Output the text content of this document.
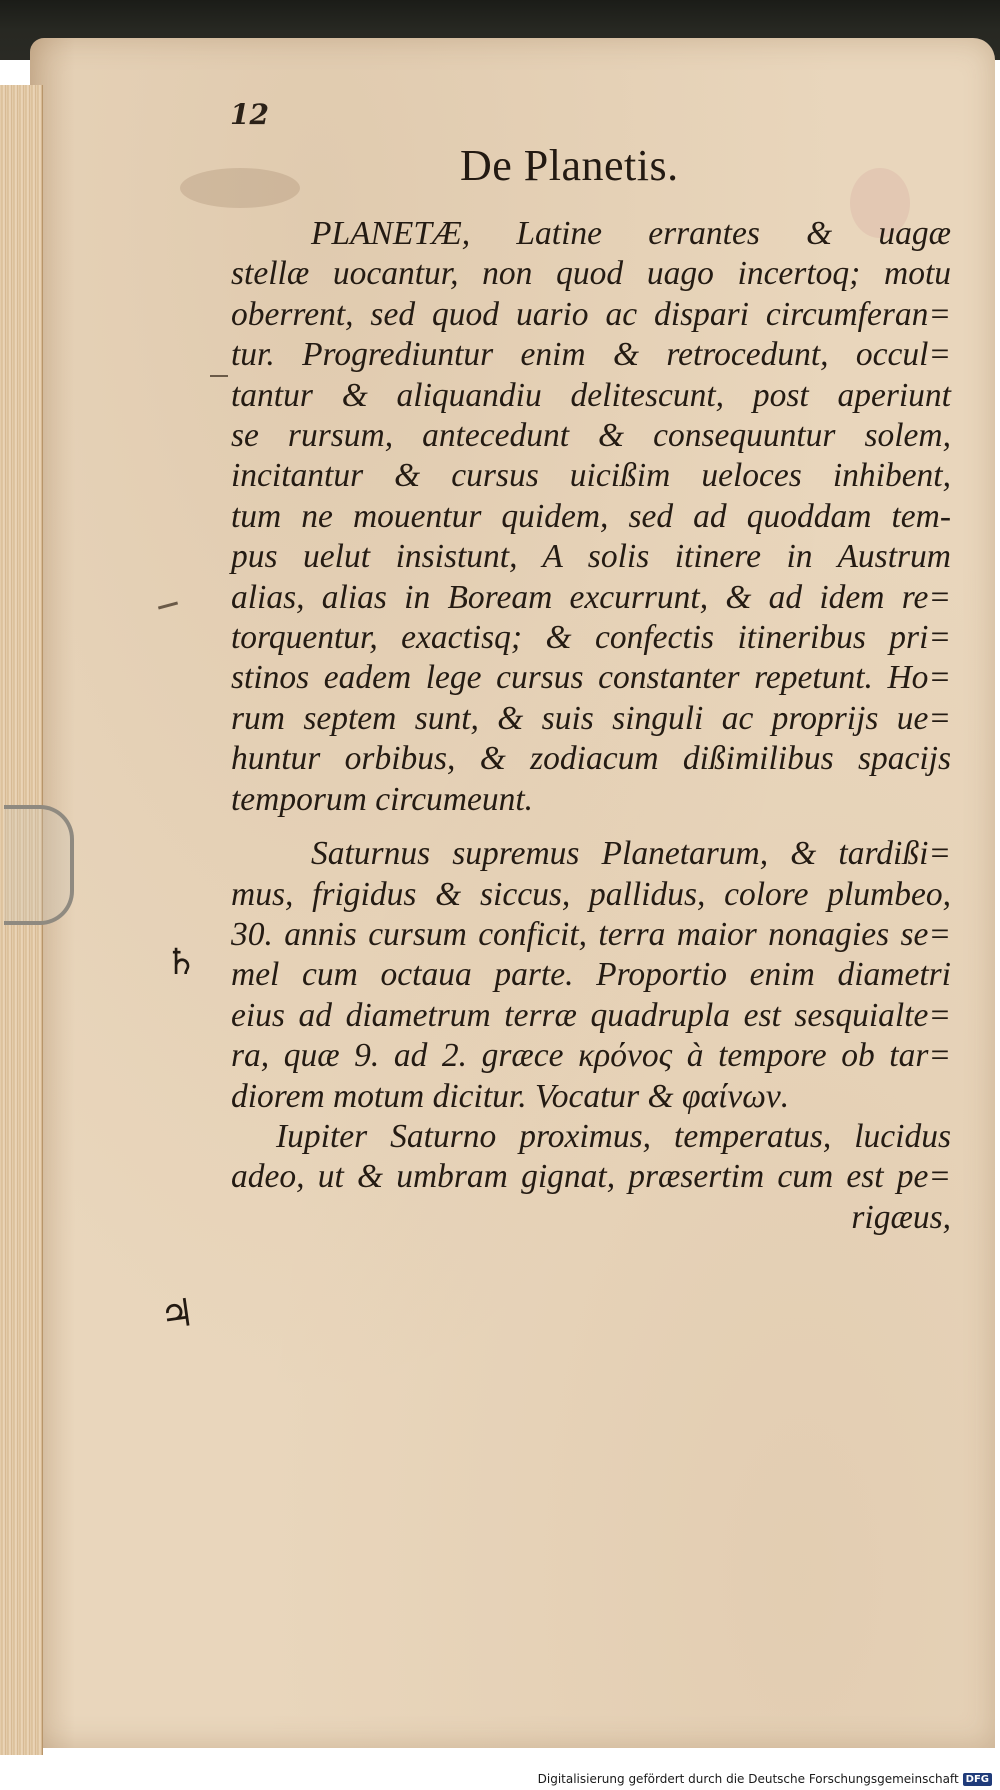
12
De Planetis.
PLANETÆ, Latine errantes & uagæ
stellæ uocantur, non quod uago incertoq; motu
oberrent, sed quod uario ac dispari circumferan=
tur. Progrediuntur enim & retrocedunt, occul=
tantur & aliquandiu delitescunt, post aperiunt
se rursum, antecedunt & consequuntur solem,
incitantur & cursus uicißim ueloces inhibent,
tum ne mouentur quidem, sed ad quoddam tem-
pus uelut insistunt, A solis itinere in Austrum
alias, alias in Boream excurrunt, & ad idem re=
torquentur, exactisq; & confectis itineribus pri=
stinos eadem lege cursus constanter repetunt. Ho=
rum septem sunt, & suis singuli ac proprijs ue=
huntur orbibus, & zodiacum dißimilibus spacijs
temporum circumeunt.
Saturnus supremus Planetarum, & tardißi=
mus, frigidus & siccus, pallidus, colore plumbeo,
30. annis cursum conficit, terra maior nonagies se=
mel cum octaua parte. Proportio enim diametri
eius ad diametrum terræ quadrupla est sesquialte=
ra, quæ 9. ad 2. græce κρόνος à tempore ob tar=
diorem motum dicitur. Vocatur & φαίνων.
Iupiter Saturno proximus, temperatus, lucidus
adeo, ut & umbram gignat, præsertim cum est pe=
rigæus,
♄
♃
Digitalisierung gefördert durch die Deutsche Forschungsgemeinschaft DFG
